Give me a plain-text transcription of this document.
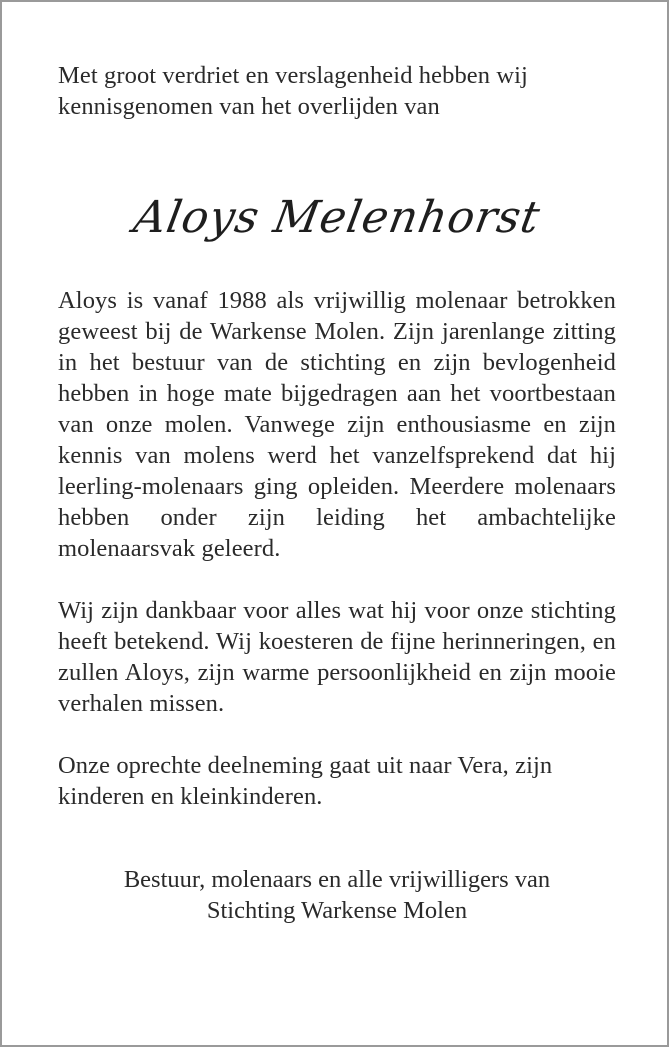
Met groot verdriet en verslagenheid hebben wij kennisgenomen van het overlijden van

Aloys Melenhorst

Aloys is vanaf 1988 als vrijwillig molenaar betrokken geweest bij de Warkense Molen. Zijn jarenlange zitting in het bestuur van de stichting en zijn bevlogenheid hebben in hoge mate bijgedragen aan het voortbestaan van onze molen. Vanwege zijn enthousiasme en zijn kennis van molens werd het vanzelfsprekend dat hij leerling-molenaars ging opleiden. Meerdere molenaars hebben onder zijn leiding het ambachtelijke molenaarsvak geleerd.

Wij zijn dankbaar voor alles wat hij voor onze stichting heeft betekend. Wij koesteren de fijne herinneringen, en zullen Aloys, zijn warme persoonlijkheid en zijn mooie verhalen missen.

Onze oprechte deelneming gaat uit naar Vera, zijn kinderen en kleinkinderen.

Bestuur, molenaars en alle vrijwilligers van
Stichting Warkense Molen
